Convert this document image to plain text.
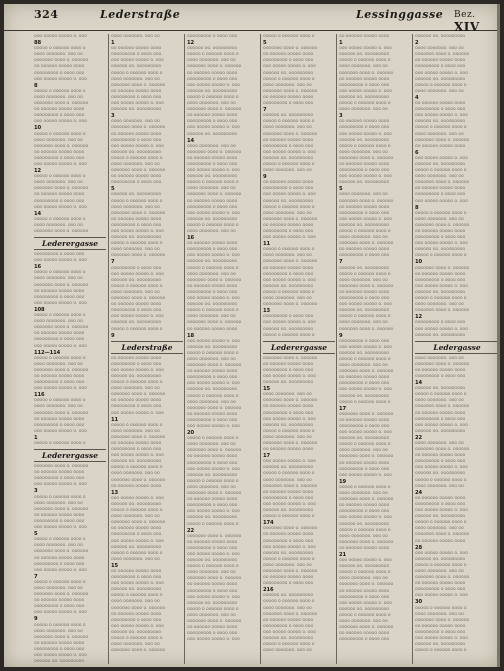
324	Lederstraße	Lessinggasse Bez. XIV
ooo ooooo ooooo o. ooo
88
ooooo o oooooo oooo o
oooo ooooooo. ooo oo
ooooooo oooo o. oooooo
oo oooooo ooooo oooo
ooooooooo o oooo ooo
ooo ooooo ooooo o. ooo
8
ooooo o oooooo oooo o
oooo ooooooo. ooo oo
ooooooo oooo o. oooooo
oo oooooo ooooo oooo
ooooooooo o oooo ooo
ooo ooooo ooooo o. ooo
10
ooooo o oooooo oooo o
oooo ooooooo. ooo oo
ooooooo oooo o. oooooo
oo oooooo ooooo oooo
ooooooooo o oooo ooo
ooo ooooo ooooo o. ooo
12
ooooo o oooooo oooo o
oooo ooooooo. ooo oo
ooooooo oooo o. oooooo
oo oooooo ooooo oooo
ooooooooo o oooo ooo
ooo ooooo ooooo o. ooo
14
ooooo o oooooo oooo o
oooo ooooooo. ooo oo
ooooooo oooo o. oooooo
Lederergasse
ooooooooo o oooo ooo
ooo ooooo ooooo o. ooo
16
ooooo o oooooo oooo o
oooo ooooooo. ooo oo
ooooooo oooo o. oooooo
oo oooooo ooooo oooo
ooooooooo o oooo ooo
ooo ooooo ooooo o. ooo
108
ooooo o oooooo oooo o
oooo ooooooo. ooo oo
ooooooo oooo o. oooooo
oo oooooo ooooo oooo
ooooooooo o oooo ooo
ooo ooooo ooooo o. ooo
112—114
ooooo o oooooo oooo o
oooo ooooooo. ooo oo
ooooooo oooo o. oooooo
oo oooooo ooooo oooo
ooooooooo o oooo ooo
ooo ooooo ooooo o. ooo
116
ooooo o oooooo oooo o
oooo ooooooo. ooo oo
ooooooo oooo o. oooooo
oo oooooo ooooo oooo
ooooooooo o oooo ooo
ooo ooooo ooooo o. ooo
1
ooooo o oooooo oooo o
Lederergasse
ooooooo oooo o. oooooo
oo oooooo ooooo oooo
ooooooooo o oooo ooo
ooo ooooo ooooo o. ooo
3
ooooo o oooooo oooo o
oooo ooooooo. ooo oo
ooooooo oooo o. oooooo
oo oooooo ooooo oooo
ooooooooo o oooo ooo
ooo ooooo ooooo o. ooo
5
ooooo o oooooo oooo o
oooo ooooooo. ooo oo
ooooooo oooo o. oooooo
oo oooooo ooooo oooo
ooooooooo o oooo ooo
ooo ooooo ooooo o. ooo
7
ooooo o oooooo oooo o
oooo ooooooo. ooo oo
ooooooo oooo o. oooooo
oo oooooo ooooo oooo
ooooooooo o oooo ooo
ooo ooooo ooooo o. ooo
9
ooooo o oooooo oooo o
oooo ooooooo. ooo oo
ooooooo oooo o. oooooo
oo oooooo ooooo oooo
ooooooooo o oooo ooo
ooo ooooo ooooo o. ooo
oooooo oo. ooooooooo
oooo ooooooo. ooo oo
1
oo oooooo ooooo oooo
ooooooooo o oooo ooo
ooo ooooo ooooo o. ooo
oooooo oo. ooooooooo
ooooo o oooooo oooo o
oooo ooooooo. ooo oo
ooooooo oooo o. oooooo
oo oooooo ooooo oooo
ooooooooo o oooo ooo
ooo ooooo ooooo o. ooo
oooooo oo. ooooooooo
3
oooo ooooooo. ooo oo
ooooooo oooo o. oooooo
oo oooooo ooooo oooo
ooooooooo o oooo ooo
ooo ooooo ooooo o. ooo
oooooo oo. ooooooooo
ooooo o oooooo oooo o
oooo ooooooo. ooo oo
ooooooo oooo o. oooooo
oo oooooo ooooo oooo
ooooooooo o oooo ooo
5
oooooo oo. ooooooooo
ooooo o oooooo oooo o
oooo ooooooo. ooo oo
ooooooo oooo o. oooooo
oo oooooo ooooo oooo
ooooooooo o oooo ooo
ooo ooooo ooooo o. ooo
oooooo oo. ooooooooo
ooooo o oooooo oooo o
oooo ooooooo. ooo oo
ooooooo oooo o. oooooo
7
ooooooooo o oooo ooo
ooo ooooo ooooo o. ooo
oooooo oo. ooooooooo
ooooo o oooooo oooo o
oooo ooooooo. ooo oo
ooooooo oooo o. oooooo
oo oooooo ooooo oooo
ooooooooo o oooo ooo
ooo ooooo ooooo o. ooo
oooooo oo. ooooooooo
ooooo o oooooo oooo o
9
Lederstraße
oo oooooo ooooo oooo
ooooooooo o oooo ooo
ooo ooooo ooooo o. ooo
oooooo oo. ooooooooo
ooooo o oooooo oooo o
oooo ooooooo. ooo oo
ooooooo oooo o. oooooo
oo oooooo ooooo oooo
ooooooooo o oooo ooo
ooo ooooo ooooo o. ooo
11
ooooo o oooooo oooo o
oooo ooooooo. ooo oo
ooooooo oooo o. oooooo
oo oooooo ooooo oooo
ooooooooo o oooo ooo
ooo ooooo ooooo o. ooo
oooooo oo. ooooooooo
ooooo o oooooo oooo o
oooo ooooooo. ooo oo
ooooooo oooo o. oooooo
oo oooooo ooooo oooo
13
ooo ooooo ooooo o. ooo
oooooo oo. ooooooooo
ooooo o oooooo oooo o
oooo ooooooo. ooo oo
ooooooo oooo o. oooooo
oo oooooo ooooo oooo
ooooooooo o oooo ooo
ooo ooooo ooooo o. ooo
oooooo oo. ooooooooo
ooooo o oooooo oooo o
oooo ooooooo. ooo oo
15
oo oooooo ooooo oooo
ooooooooo o oooo ooo
ooo ooooo ooooo o. ooo
oooooo oo. ooooooooo
ooooo o oooooo oooo o
oooo ooooooo. ooo oo
ooooooo oooo o. oooooo
oo oooooo ooooo oooo
ooooooooo o oooo ooo
ooo ooooo ooooo o. ooo
oooooo oo. ooooooooo
ooooo o oooooo oooo o
oooo ooooooo. ooo oo
ooooooo oooo o. oooooo
ooooooooo o oooo ooo
12
oooooo oo. ooooooooo
ooooo o oooooo oooo o
oooo ooooooo. ooo oo
ooooooo oooo o. oooooo
oo oooooo ooooo oooo
ooooooooo o oooo ooo
ooo ooooo ooooo o. ooo
oooooo oo. ooooooooo
ooooo o oooooo oooo o
oooo ooooooo. ooo oo
ooooooo oooo o. oooooo
oo oooooo ooooo oooo
ooooooooo o oooo ooo
ooo ooooo ooooo o. ooo
oooooo oo. ooooooooo
14
oooo ooooooo. ooo oo
ooooooo oooo o. oooooo
oo oooooo ooooo oooo
ooooooooo o oooo ooo
ooo ooooo ooooo o. ooo
oooooo oo. ooooooooo
ooooo o oooooo oooo o
oooo ooooooo. ooo oo
ooooooo oooo o. oooooo
oo oooooo ooooo oooo
ooooooooo o oooo ooo
ooo ooooo ooooo o. ooo
oooooo oo. ooooooooo
ooooo o oooooo oooo o
oooo ooooooo. ooo oo
16
oo oooooo ooooo oooo
ooooooooo o oooo ooo
ooo ooooo ooooo o. ooo
oooooo oo. ooooooooo
ooooo o oooooo oooo o
oooo ooooooo. ooo oo
ooooooo oooo o. oooooo
oo oooooo ooooo oooo
ooooooooo o oooo ooo
ooo ooooo ooooo o. ooo
oooooo oo. ooooooooo
ooooo o oooooo oooo o
oooo ooooooo. ooo oo
ooooooo oooo o. oooooo
oo oooooo ooooo oooo
18
ooo ooooo ooooo o. ooo
oooooo oo. ooooooooo
ooooo o oooooo oooo o
oooo ooooooo. ooo oo
ooooooo oooo o. oooooo
oo oooooo ooooo oooo
ooooooooo o oooo ooo
ooo ooooo ooooo o. ooo
oooooo oo. ooooooooo
ooooo o oooooo oooo o
oooo ooooooo. ooo oo
ooooooo oooo o. oooooo
oo oooooo ooooo oooo
ooooooooo o oooo ooo
ooo ooooo ooooo o. ooo
20
ooooo o oooooo oooo o
oooo ooooooo. ooo oo
ooooooo oooo o. oooooo
oo oooooo ooooo oooo
ooooooooo o oooo ooo
ooo ooooo ooooo o. ooo
oooooo oo. ooooooooo
ooooo o oooooo oooo o
oooo ooooooo. ooo oo
ooooooo oooo o. oooooo
oo oooooo ooooo oooo
ooooooooo o oooo ooo
ooo ooooo ooooo o. ooo
oooooo oo. ooooooooo
ooooo o oooooo oooo o
22
ooooooo oooo o. oooooo
oo oooooo ooooo oooo
ooooooooo o oooo ooo
ooo ooooo ooooo o. ooo
oooooo oo. ooooooooo
ooooo o oooooo oooo o
oooo ooooooo. ooo oo
ooooooo oooo o. oooooo
oo oooooo ooooo oooo
ooooooooo o oooo ooo
ooo ooooo ooooo o. ooo
oooooo oo. ooooooooo
ooooo o oooooo oooo o
oooo ooooooo. ooo oo
ooooooo oooo o. oooooo
oo oooooo ooooo oooo
ooooooooo o oooo ooo
ooo ooooo ooooo o. ooo
ooooo o oooooo oooo o
5
ooooooo oooo o. oooooo
oo oooooo ooooo oooo
ooooooooo o oooo ooo
ooo ooooo ooooo o. ooo
oooooo oo. ooooooooo
ooooo o oooooo oooo o
oooo ooooooo. ooo oo
ooooooo oooo o. oooooo
oo oooooo ooooo oooo
ooooooooo o oooo ooo
7
oooooo oo. ooooooooo
ooooo o oooooo oooo o
oooo ooooooo. ooo oo
ooooooo oooo o. oooooo
oo oooooo ooooo oooo
ooooooooo o oooo ooo
ooo ooooo ooooo o. ooo
oooooo oo. ooooooooo
ooooo o oooooo oooo o
oooo ooooooo. ooo oo
9
oo oooooo ooooo oooo
ooooooooo o oooo ooo
ooo ooooo ooooo o. ooo
oooooo oo. ooooooooo
ooooo o oooooo oooo o
oooo ooooooo. ooo oo
ooooooo oooo o. oooooo
oo oooooo ooooo oooo
ooooooooo o oooo ooo
ooo ooooo ooooo o. ooo
11
ooooo o oooooo oooo o
oooo ooooooo. ooo oo
ooooooo oooo o. oooooo
oo oooooo ooooo oooo
ooooooooo o oooo ooo
ooo ooooo ooooo o. ooo
oooooo oo. ooooooooo
ooooo o oooooo oooo o
oooo ooooooo. ooo oo
ooooooo oooo o. oooooo
13
ooooooooo o oooo ooo
ooo ooooo ooooo o. ooo
oooooo oo. ooooooooo
ooooo o oooooo oooo o
Lederergasse
ooooooo oooo o. oooooo
oo oooooo ooooo oooo
ooooooooo o oooo ooo
ooo ooooo ooooo o. ooo
oooooo oo. ooooooooo
15
oooo ooooooo. ooo oo
ooooooo oooo o. oooooo
oo oooooo ooooo oooo
ooooooooo o oooo ooo
ooo ooooo ooooo o. ooo
oooooo oo. ooooooooo
ooooo o oooooo oooo o
oooo ooooooo. ooo oo
ooooooo oooo o. oooooo
oo oooooo ooooo oooo
17
ooo ooooo ooooo o. ooo
oooooo oo. ooooooooo
ooooo o oooooo oooo o
oooo ooooooo. ooo oo
ooooooo oooo o. oooooo
oo oooooo ooooo oooo
ooooooooo o oooo ooo
ooo ooooo ooooo o. ooo
oooooo oo. ooooooooo
ooooo o oooooo oooo o
174
ooooooo oooo o. oooooo
oo oooooo ooooo oooo
ooooooooo o oooo ooo
ooo ooooo ooooo o. ooo
oooooo oo. ooooooooo
ooooo o oooooo oooo o
oooo ooooooo. ooo oo
ooooooo oooo o. oooooo
oo oooooo ooooo oooo
ooooooooo o oooo ooo
216
oooooo oo. ooooooooo
ooooo o oooooo oooo o
oooo ooooooo. ooo oo
ooooooo oooo o. oooooo
oo oooooo ooooo oooo
ooooooooo o oooo ooo
ooo ooooo ooooo o. ooo
oooooo oo. ooooooooo
ooooo o oooooo oooo o
oooo ooooooo. ooo oo
oo oooooo ooooo oooo
1
ooo ooooo ooooo o. ooo
oooooo oo. ooooooooo
ooooo o oooooo oooo o
oooo ooooooo. ooo oo
ooooooo oooo o. oooooo
oo oooooo ooooo oooo
ooooooooo o oooo ooo
ooo ooooo ooooo o. ooo
oooooo oo. ooooooooo
ooooo o oooooo oooo o
oooo ooooooo. ooo oo
3
oo oooooo ooooo oooo
ooooooooo o oooo ooo
ooo ooooo ooooo o. ooo
oooooo oo. ooooooooo
ooooo o oooooo oooo o
oooo ooooooo. ooo oo
ooooooo oooo o. oooooo
oo oooooo ooooo oooo
ooooooooo o oooo ooo
ooo ooooo ooooo o. ooo
oooooo oo. ooooooooo
5
oooo ooooooo. ooo oo
ooooooo oooo o. oooooo
oo oooooo ooooo oooo
ooooooooo o oooo ooo
ooo ooooo ooooo o. ooo
oooooo oo. ooooooooo
ooooo o oooooo oooo o
oooo ooooooo. ooo oo
ooooooo oooo o. oooooo
oo oooooo ooooo oooo
ooooooooo o oooo ooo
7
oooooo oo. ooooooooo
ooooo o oooooo oooo o
oooo ooooooo. ooo oo
ooooooo oooo o. oooooo
oo oooooo ooooo oooo
ooooooooo o oooo ooo
ooo ooooo ooooo o. ooo
oooooo oo. ooooooooo
ooooo o oooooo oooo o
oooo ooooooo. ooo oo
ooooooo oooo o. oooooo
9
ooooooooo o oooo ooo
ooo ooooo ooooo o. ooo
oooooo oo. ooooooooo
ooooo o oooooo oooo o
oooo ooooooo. ooo oo
ooooooo oooo o. oooooo
oo oooooo ooooo oooo
ooooooooo o oooo ooo
ooo ooooo ooooo o. ooo
oooooo oo. ooooooooo
ooooo o oooooo oooo o
17
ooooooo oooo o. oooooo
oo oooooo ooooo oooo
ooooooooo o oooo ooo
ooo ooooo ooooo o. ooo
oooooo oo. ooooooooo
ooooo o oooooo oooo o
oooo ooooooo. ooo oo
ooooooo oooo o. oooooo
oo oooooo ooooo oooo
ooooooooo o oooo ooo
ooo ooooo ooooo o. ooo
19
ooooo o oooooo oooo o
oooo ooooooo. ooo oo
ooooooo oooo o. oooooo
oo oooooo ooooo oooo
ooooooooo o oooo ooo
ooo ooooo ooooo o. ooo
oooooo oo. ooooooooo
ooooo o oooooo oooo o
oooo ooooooo. ooo oo
ooooooo oooo o. oooooo
oo oooooo ooooo oooo
21
ooo ooooo ooooo o. ooo
oooooo oo. ooooooooo
ooooo o oooooo oooo o
oooo ooooooo. ooo oo
ooooooo oooo o. oooooo
oo oooooo ooooo oooo
ooooooooo o oooo ooo
ooo ooooo ooooo o. ooo
oooooo oo. ooooooooo
ooooo o oooooo oooo o
oooo ooooooo. ooo oo
ooooooo oooo o. oooooo
oo oooooo ooooo oooo
ooooooooo o oooo ooo
oooooo oo. ooooooooo
2
oooo ooooooo. ooo oo
ooooooo oooo o. oooooo
oo oooooo ooooo oooo
ooooooooo o oooo ooo
ooo ooooo ooooo o. ooo
oooooo oo. ooooooooo
ooooo o oooooo oooo o
oooo ooooooo. ooo oo
4
oo oooooo ooooo oooo
ooooooooo o oooo ooo
ooo ooooo ooooo o. ooo
oooooo oo. ooooooooo
ooooo o oooooo oooo o
oooo ooooooo. ooo oo
ooooooo oooo o. oooooo
oo oooooo ooooo oooo
6
ooo ooooo ooooo o. ooo
oooooo oo. ooooooooo
ooooo o oooooo oooo o
oooo ooooooo. ooo oo
ooooooo oooo o. oooooo
oo oooooo ooooo oooo
ooooooooo o oooo ooo
ooo ooooo ooooo o. ooo
8
ooooo o oooooo oooo o
oooo ooooooo. ooo oo
ooooooo oooo o. oooooo
oo oooooo ooooo oooo
ooooooooo o oooo ooo
ooo ooooo ooooo o. ooo
oooooo oo. ooooooooo
ooooo o oooooo oooo o
10
ooooooo oooo o. oooooo
oo oooooo ooooo oooo
ooooooooo o oooo ooo
ooo ooooo ooooo o. ooo
oooooo oo. ooooooooo
ooooo o oooooo oooo o
oooo ooooooo. ooo oo
ooooooo oooo o. oooooo
12
ooooooooo o oooo ooo
ooo ooooo ooooo o. ooo
oooooo oo. ooooooooo
Ledergasse
oooo ooooooo. ooo oo
ooooooo oooo o. oooooo
oo oooooo ooooo oooo
ooooooooo o oooo ooo
14
oooooo oo. ooooooooo
ooooo o oooooo oooo o
oooo ooooooo. ooo oo
ooooooo oooo o. oooooo
oo oooooo ooooo oooo
ooooooooo o oooo ooo
ooo ooooo ooooo o. ooo
oooooo oo. ooooooooo
22
oooo ooooooo. ooo oo
ooooooo oooo o. oooooo
oo oooooo ooooo oooo
ooooooooo o oooo ooo
ooo ooooo ooooo o. ooo
oooooo oo. ooooooooo
ooooo o oooooo oooo o
oooo ooooooo. ooo oo
24
oo oooooo ooooo oooo
ooooooooo o oooo ooo
ooo ooooo ooooo o. ooo
oooooo oo. ooooooooo
ooooo o oooooo oooo o
oooo ooooooo. ooo oo
ooooooo oooo o. oooooo
oo oooooo ooooo oooo
28
ooo ooooo ooooo o. ooo
oooooo oo. ooooooooo
ooooo o oooooo oooo o
oooo ooooooo. ooo oo
ooooooo oooo o. oooooo
oo oooooo ooooo oooo
ooooooooo o oooo ooo
ooo ooooo ooooo o. ooo
30
ooooo o oooooo oooo o
oooo ooooooo. ooo oo
ooooooo oooo o. oooooo
oo oooooo ooooo oooo
ooooooooo o oooo ooo
ooo ooooo ooooo o. ooo
oooooo oo. ooooooooo
ooooo o oooooo oooo o
